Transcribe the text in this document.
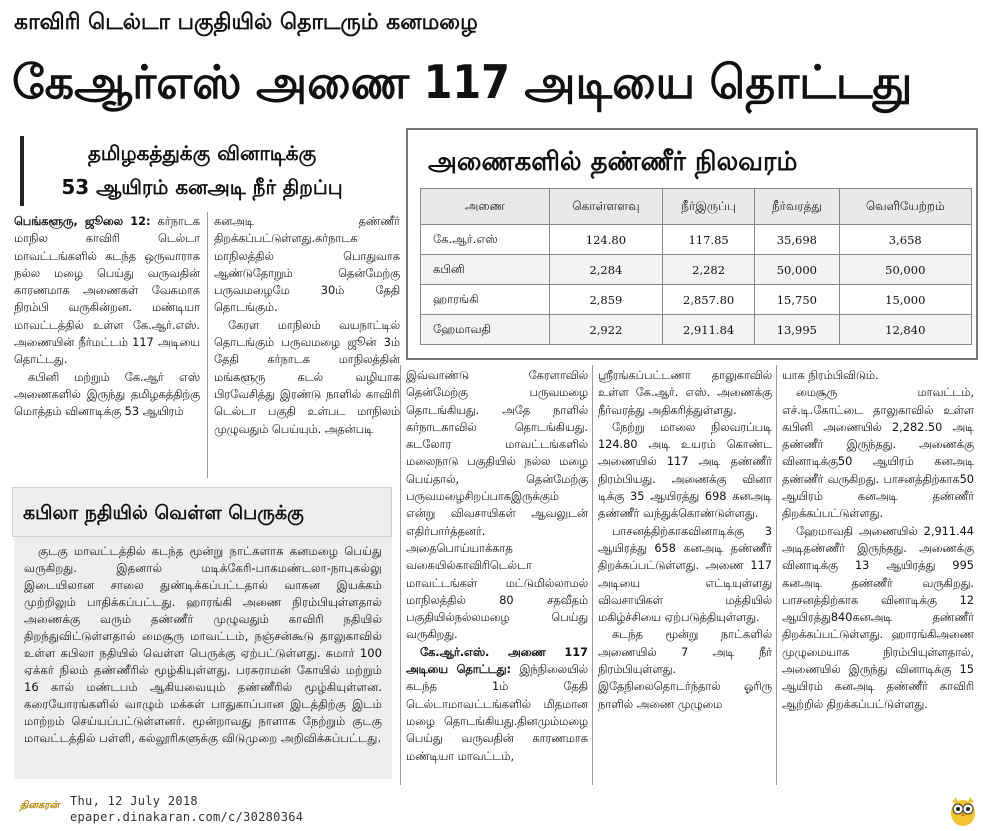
காவிரி டெல்டா பகுதியில் தொடரும் கனமழை
கேஆர்எஸ் அணை 117 அடியை தொட்டது
தமிழகத்துக்கு வினாடிக்கு
53 ஆயிரம் கனஅடி நீர் திறப்பு

பெங்களூரு, ஜூலை 12: கர்நாடக மாநில காவிரி டெல்டா மாவட்டங்களில் கடந்த ஒருவாராக நல்ல மழை பெய்து வருவதின் காரணமாக அணைகள் வேகமாக நிரம்பி வருகின்றன. மண்டியா மாவட்டத்தில் உள்ள கே.ஆர்.எஸ். அணையின் நீர்மட்டம் 117 அடியை தொட்டது.

கபினி மற்றும் கே.ஆர் எஸ் அணைகளில் இருந்து தமிழகத்திற்கு மொத்தம் வினாடிக்கு 53 ஆயிரம்

கனஅடி தண்ணீர் திறக்கப்பட்டுள்ளது.கர்நாடக மாநிலத்தில் பொதுவாக ஆண்டுதோறும் தென்மேற்கு பருவமழைமே 30ம் தேதி தொடங்கும்.

கேரள மாநிலம் வயநாட்டில் தொடங்கும் பருவமழை ஜூன் 3ம் தேதி கர்நாடக மாநிலத்தின் மங்களூரு கடல் வழியாக பிரவேசித்து இரண்டு நாளில் காவிரி டெல்டா பகுதி உள்பட மாநிலம் முழுவதும் பெய்யும். அதன்படி

அணைகளில் தண்ணீர் நிலவரம்
அணை	கொள்ளளவு	நீர்இருப்பு	நீர்வரத்து	வெளியேற்றம்
கே.ஆர்.எஸ்	124.80	117.85	35,698	3,658
கபினி	2,284	2,282	50,000	50,000
ஹாரங்கி	2,859	2,857.80	15,750	15,000
ஹேமாவதி	2,922	2,911.84	13,995	12,840

இவ்வாண்டு கேரளாவில் தென்மேற்கு பருவமழை தொடங்கியது. அதே நாளில் கர்நாடகாவில் தொடங்கியது. கடலோர மாவட்டங்களில் மலைநாடு பகுதியில் நல்ல மழை பெய்தால், தென்மேற்கு பருவமழைசிறப்பாகஇருக்கும் என்று விவசாயிகள் ஆவலுடன் எதிர்பார்த்தனர். அதைபொய்யாக்காத வகையில்காவிரிடெல்டா மாவட்டங்கள் மட்டுமில்லாமல் மாநிலத்தில் 80 சதவீதம் பகுதியில்நல்லமழை பெய்து வருகிறது.

கே.ஆர்.எஸ். அணை 117 அடியை தொட்டது: இந்நிலையில் கடந்த 1ம் தேதி டெல்டாமாவட்டங்களில் மிதமான மழை தொடங்கியது.தினமும்மழை பெய்து வருவதின் காரணமாக மண்டியா மாவட்டம்,

ஸ்ரீரங்கப்பட்டணா தாலுகாவில் உள்ள கே.ஆர். எஸ். அணைக்கு நீர்வரத்து அதிகரித்துள்ளது.

நேற்று மாலை நிலவரப்படி 124.80 அடி உயரம் கொண்ட அணையில் 117 அடி தண்ணீர் நிரம்பியது. அணைக்கு வினா டிக்கு 35 ஆயிரத்து 698 கனஅடி தண்ணீர் வந்துக்கொண்டுள்ளது.

பாசனத்திற்காகவினாடிக்கு 3 ஆயிரத்து 658 கனஅடி தண்ணீர் திறக்கப்பட்டுள்ளது. அணை 117 அடியை எட்டியுள்ளது விவசாயிகள் மத்தியில் மகிழ்ச்சியை ஏற்படுத்தியுள்ளது.

கடந்த மூன்று நாட்களில் அணையில் 7 அடி நீர் நிரம்பியுள்ளது. இதேநிலைதொடர்ந்தால் ஓரிரு நாளில் அணை முழுமை

யாக நிரம்பிவிடும்.

மைசூரு மாவட்டம், எச்.டி.கோட்டை தாலுகாவில் உள்ள கபினி அணையில் 2,282.50 அடி தண்ணீர் இருந்தது. அணைக்கு வினாடிக்கு50 ஆயிரம் கனஅடி தண்ணீர் வருகிறது. பாசனத்திற்காக50 ஆயிரம் கனஅடி தண்ணீர் திறக்கப்பட்டுள்ளது.

ஹேமாவதி அணையில் 2,911.44 அடிதண்ணீர் இருந்தது. அணைக்கு வினாடிக்கு 13 ஆயிரத்து 995 கனஅடி தண்ணீர் வருகிறது. பாசனத்திற்காக வினாடிக்கு 12 ஆயிரத்து840கனஅடி தண்ணீர் திறக்கப்பட்டுள்ளது. ஹாரங்கிஅணை முழுமையாக நிரம்பியுள்ளதால், அணையில் இருந்து வினாடிக்கு 15 ஆயிரம் கனஅடி தண்ணீர் காவிரி ஆற்றில் திறக்கப்பட்டுள்ளது.

கபிலா நதியில் வெள்ள பெருக்கு

குடகு மாவட்டத்தில் கடந்த மூன்று நாட்களாக கனமழை பெய்து வருகிறது. இதனால் மடிக்கேரி-பாகமண்டலா-நாபுகல்லு இடையிலான சாலை துண்டிக்கப்பட்டதால் வாகன இயக்கம் முற்றிலும் பாதிக்கப்பட்டது. ஹாரங்கி அணை நிரம்பியுள்ளதால் அணைக்கு வரும் தண்ணீர் முழுவதும் காவிரி நதியில் திறந்துவிட்டுள்ளதால் மைசூரு மாவட்டம், நஞ்சன்கூடு தாலுகாவில் உள்ள கபிலா நதியில் வெள்ள பெருக்கு ஏற்பட்டுள்ளது. சுமார் 100 ஏக்கர் நிலம் தண்ணீரில் மூழ்கியுள்ளது. பரசுராமன் கோயில் மற்றும் 16 கால் மண்டபம் ஆகியவையும் தண்ணீரில் மூழ்கியுள்ளன. கரையோரங்களில் வாழும் மக்கள் பாதுகாப்பான இடத்திற்கு இடம் மாற்றம் செய்யப்பட்டுள்ளனர். மூன்றாவது நாளாக நேற்றும் குடகு மாவட்டத்தில் பள்ளி, கல்லூரிகளுக்கு விடுமுறை அறிவிக்கப்பட்டது.

தினகரன் Thu, 12 July 2018
epaper.dinakaran.com/c/30280364
